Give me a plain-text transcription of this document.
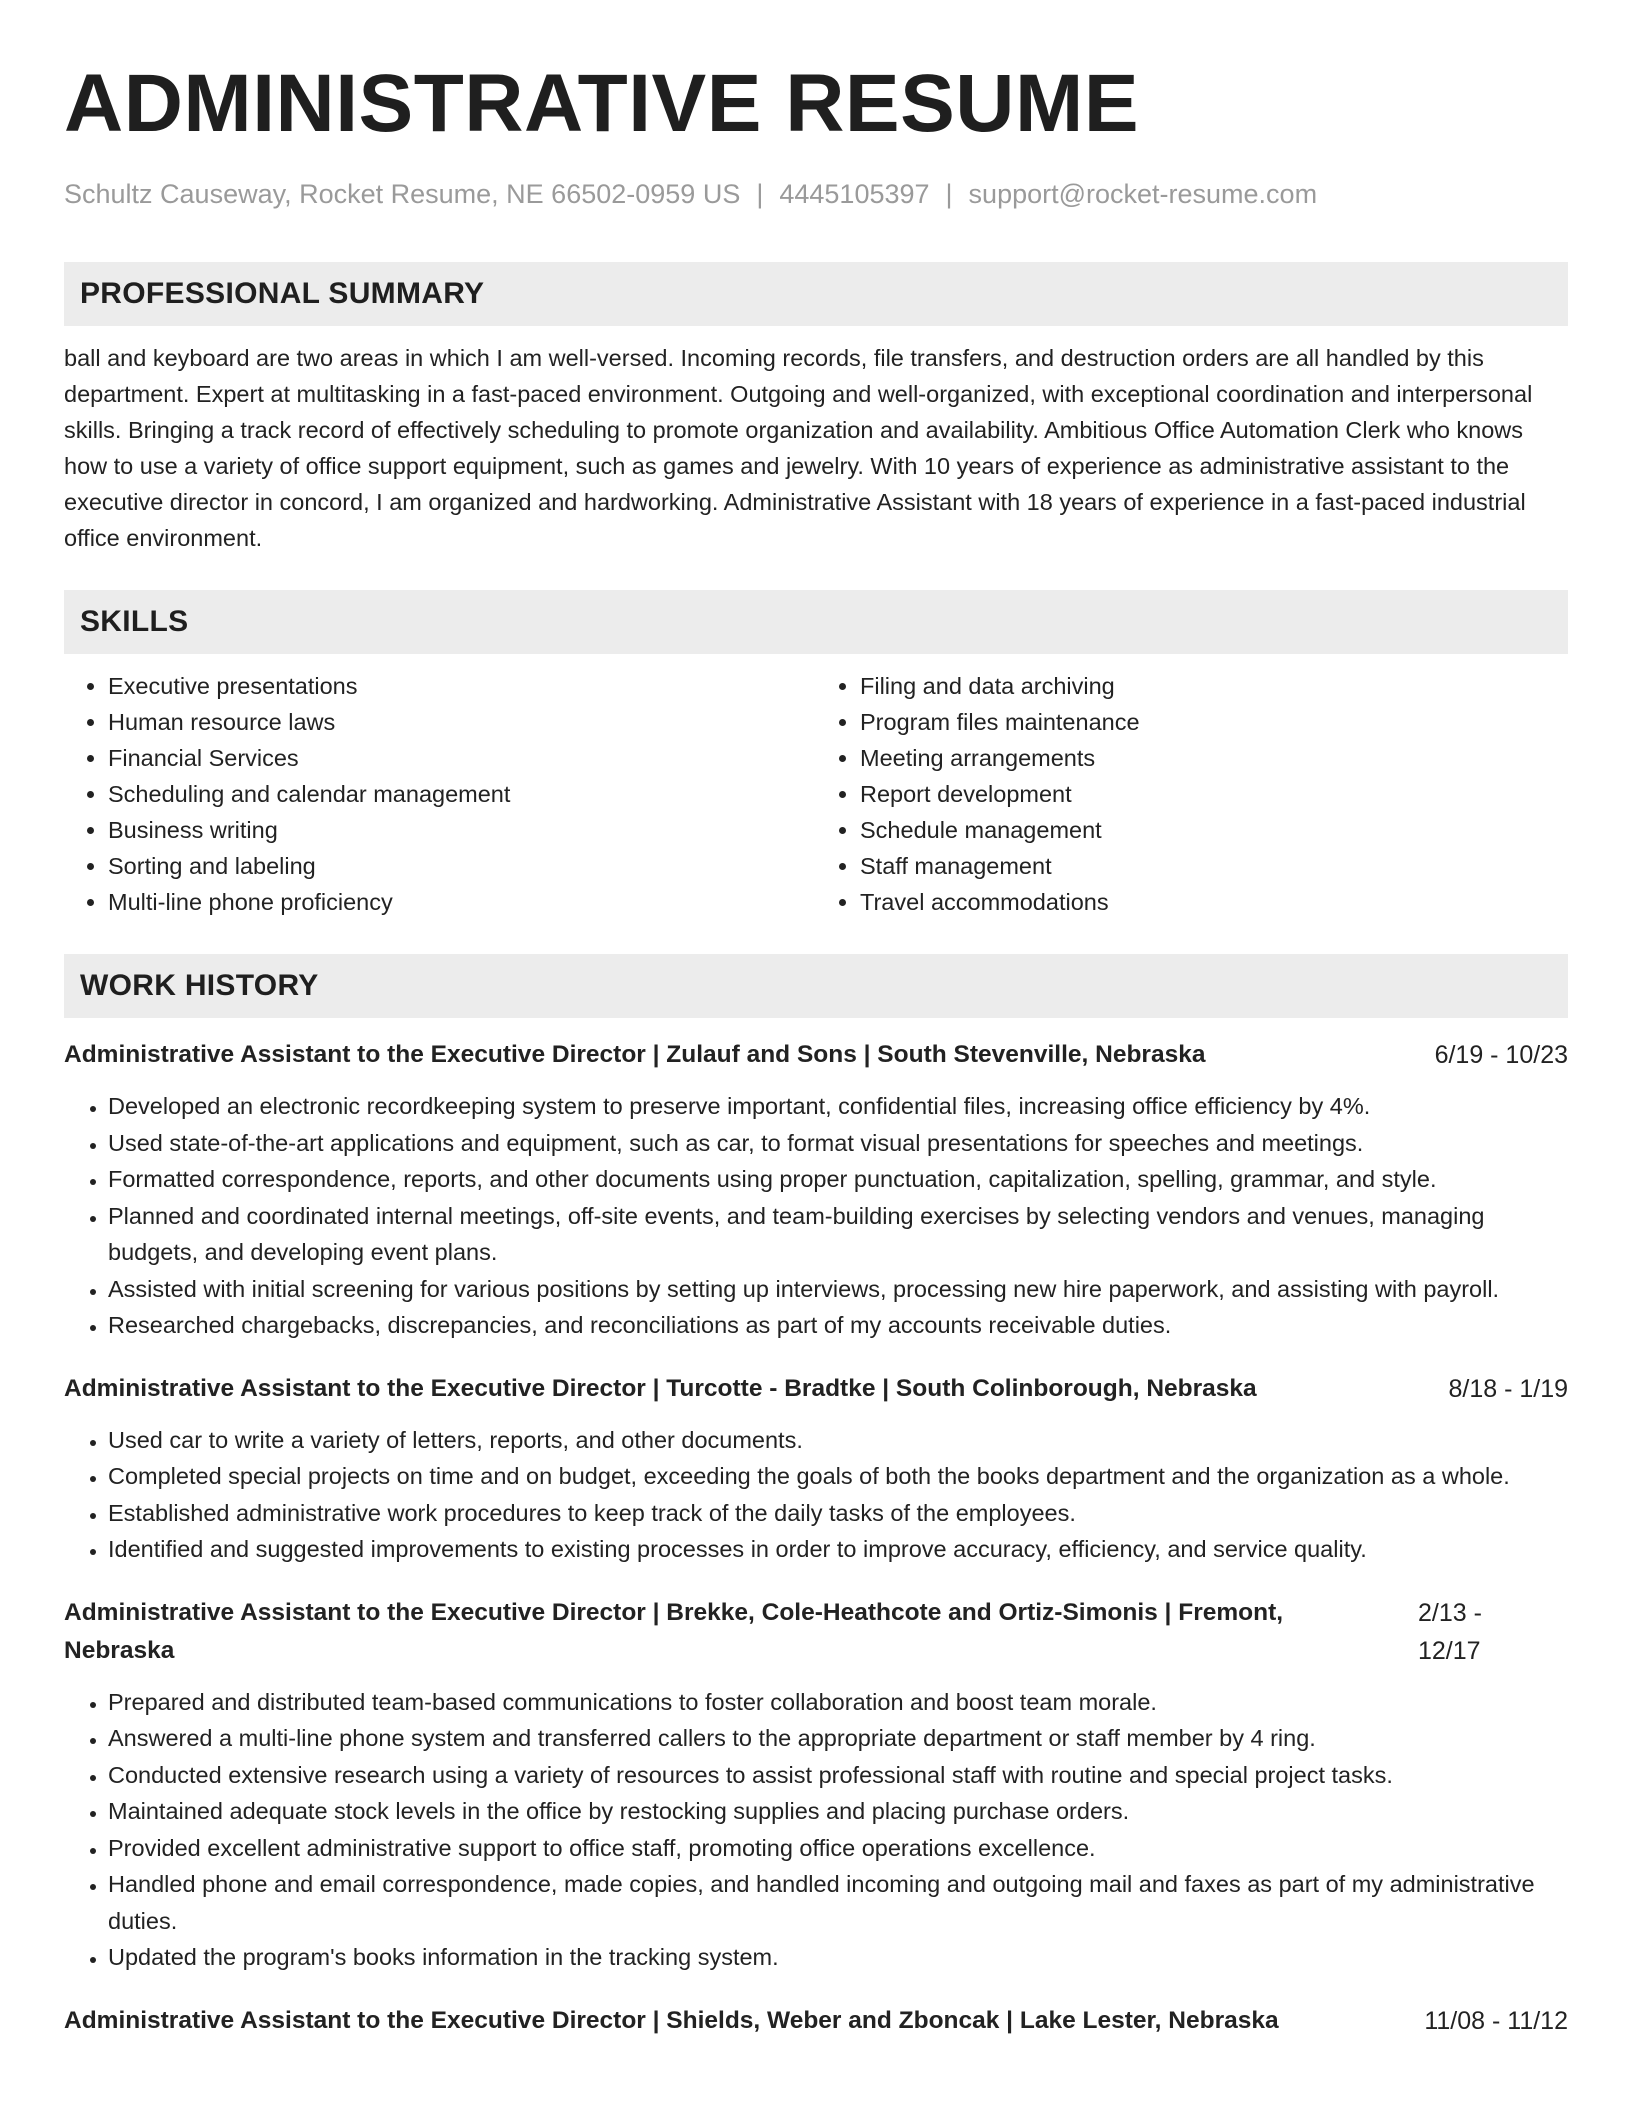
ADMINISTRATIVE RESUME
Schultz Causeway, Rocket Resume, NE 66502-0959 US | 4445105397 | support@rocket-resume.com
PROFESSIONAL SUMMARY
ball and keyboard are two areas in which I am well-versed. Incoming records, file transfers, and destruction orders are all handled by this department. Expert at multitasking in a fast-paced environment. Outgoing and well-organized, with exceptional coordination and interpersonal skills. Bringing a track record of effectively scheduling to promote organization and availability. Ambitious Office Automation Clerk who knows how to use a variety of office support equipment, such as games and jewelry. With 10 years of experience as administrative assistant to the executive director in concord, I am organized and hardworking. Administrative Assistant with 18 years of experience in a fast-paced industrial office environment.
SKILLS
• Executive presentations
• Human resource laws
• Financial Services
• Scheduling and calendar management
• Business writing
• Sorting and labeling
• Multi-line phone proficiency
• Filing and data archiving
• Program files maintenance
• Meeting arrangements
• Report development
• Schedule management
• Staff management
• Travel accommodations
WORK HISTORY
Administrative Assistant to the Executive Director | Zulauf and Sons | South Stevenville, Nebraska	6/19 - 10/23
• Developed an electronic recordkeeping system to preserve important, confidential files, increasing office efficiency by 4%.
• Used state-of-the-art applications and equipment, such as car, to format visual presentations for speeches and meetings.
• Formatted correspondence, reports, and other documents using proper punctuation, capitalization, spelling, grammar, and style.
• Planned and coordinated internal meetings, off-site events, and team-building exercises by selecting vendors and venues, managing budgets, and developing event plans.
• Assisted with initial screening for various positions by setting up interviews, processing new hire paperwork, and assisting with payroll.
• Researched chargebacks, discrepancies, and reconciliations as part of my accounts receivable duties.
Administrative Assistant to the Executive Director | Turcotte - Bradtke | South Colinborough, Nebraska	8/18 - 1/19
• Used car to write a variety of letters, reports, and other documents.
• Completed special projects on time and on budget, exceeding the goals of both the books department and the organization as a whole.
• Established administrative work procedures to keep track of the daily tasks of the employees.
• Identified and suggested improvements to existing processes in order to improve accuracy, efficiency, and service quality.
Administrative Assistant to the Executive Director | Brekke, Cole-Heathcote and Ortiz-Simonis | Fremont, Nebraska
2/13 - 12/17
• Prepared and distributed team-based communications to foster collaboration and boost team morale.
• Answered a multi-line phone system and transferred callers to the appropriate department or staff member by 4 ring.
• Conducted extensive research using a variety of resources to assist professional staff with routine and special project tasks.
• Maintained adequate stock levels in the office by restocking supplies and placing purchase orders.
• Provided excellent administrative support to office staff, promoting office operations excellence.
• Handled phone and email correspondence, made copies, and handled incoming and outgoing mail and faxes as part of my administrative duties.
• Updated the program's books information in the tracking system.
Administrative Assistant to the Executive Director | Shields, Weber and Zboncak | Lake Lester, Nebraska	11/08 - 11/12
